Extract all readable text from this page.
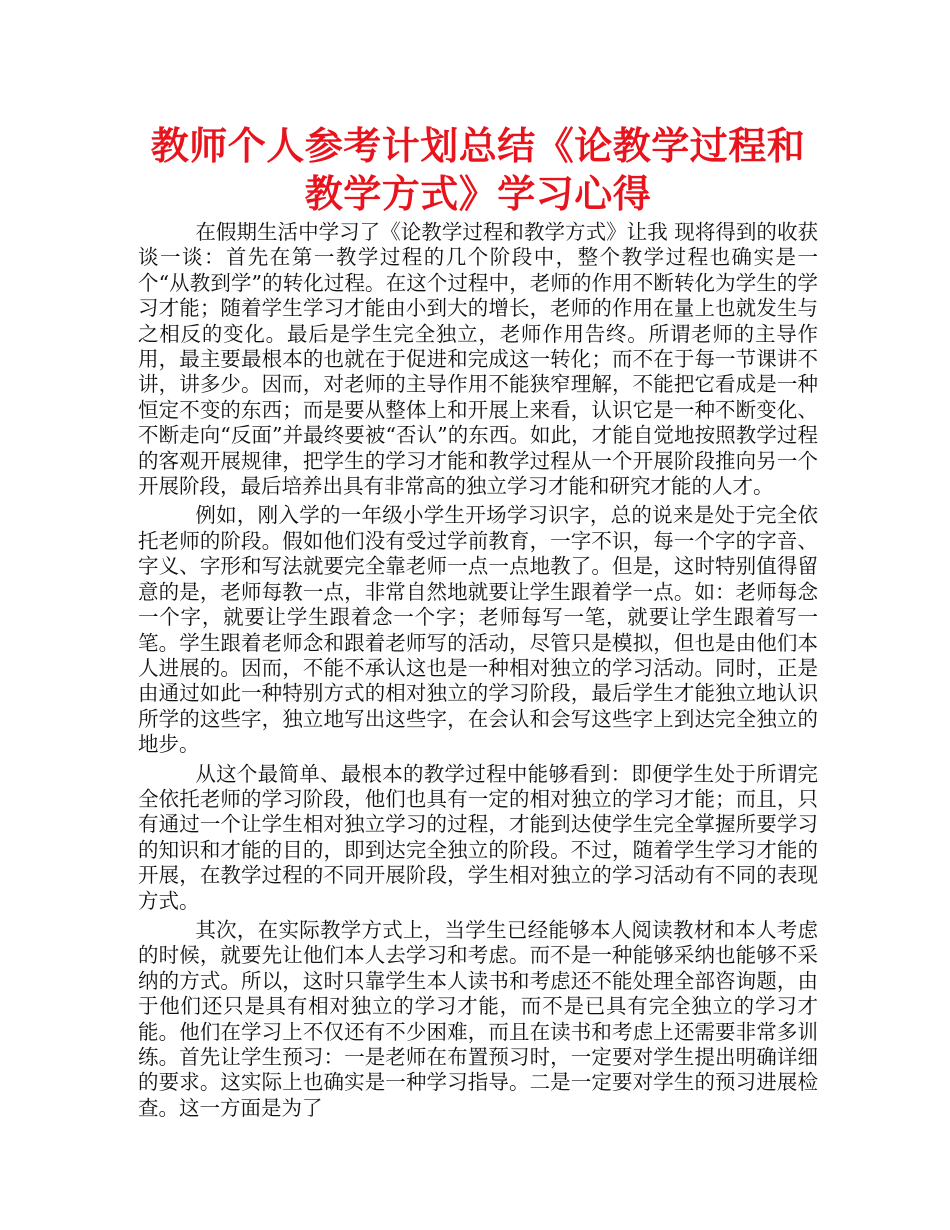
教师个人参考计划总结《论教学过程和教学方式》学习心得

在假期生活中学习了《论教学过程和教学方式》让我 现将得到的收获谈一谈：首先在第一教学过程的几个阶段中，整个教学过程也确实是一个“从教到学”的转化过程。在这个过程中，老师的作用不断转化为学生的学习才能；随着学生学习才能由小到大的增长，老师的作用在量上也就发生与之相反的变化。最后是学生完全独立，老师作用告终。所谓老师的主导作用，最主要最根本的也就在于促进和完成这一转化；而不在于每一节课讲不讲，讲多少。因而，对老师的主导作用不能狭窄理解，不能把它看成是一种恒定不变的东西；而是要从整体上和开展上来看，认识它是一种不断变化、不断走向“反面”并最终要被“否认”的东西。如此，才能自觉地按照教学过程的客观开展规律，把学生的学习才能和教学过程从一个开展阶段推向另一个开展阶段，最后培养出具有非常高的独立学习才能和研究才能的人才。

例如，刚入学的一年级小学生开场学习识字，总的说来是处于完全依托老师的阶段。假如他们没有受过学前教育，一字不识，每一个字的字音、字义、字形和写法就要完全靠老师一点一点地教了。但是，这时特别值得留意的是，老师每教一点，非常自然地就要让学生跟着学一点。如：老师每念一个字，就要让学生跟着念一个字；老师每写一笔，就要让学生跟着写一笔。学生跟着老师念和跟着老师写的活动，尽管只是模拟，但也是由他们本人进展的。因而，不能不承认这也是一种相对独立的学习活动。同时，正是由通过如此一种特别方式的相对独立的学习阶段，最后学生才能独立地认识所学的这些字，独立地写出这些字，在会认和会写这些字上到达完全独立的地步。

从这个最简单、最根本的教学过程中能够看到：即便学生处于所谓完全依托老师的学习阶段，他们也具有一定的相对独立的学习才能；而且，只有通过一个让学生相对独立学习的过程，才能到达使学生完全掌握所要学习的知识和才能的目的，即到达完全独立的阶段。不过，随着学生学习才能的开展，在教学过程的不同开展阶段，学生相对独立的学习活动有不同的表现方式。

其次，在实际教学方式上，当学生已经能够本人阅读教材和本人考虑的时候，就要先让他们本人去学习和考虑。而不是一种能够采纳也能够不采纳的方式。所以，这时只靠学生本人读书和考虑还不能处理全部咨询题，由于他们还只是具有相对独立的学习才能，而不是已具有完全独立的学习才能。他们在学习上不仅还有不少困难，而且在读书和考虑上还需要非常多训练。首先让学生预习：一是老师在布置预习时，一定要对学生提出明确详细的要求。这实际上也确实是一种学习指导。二是一定要对学生的预习进展检查。这一方面是为了
